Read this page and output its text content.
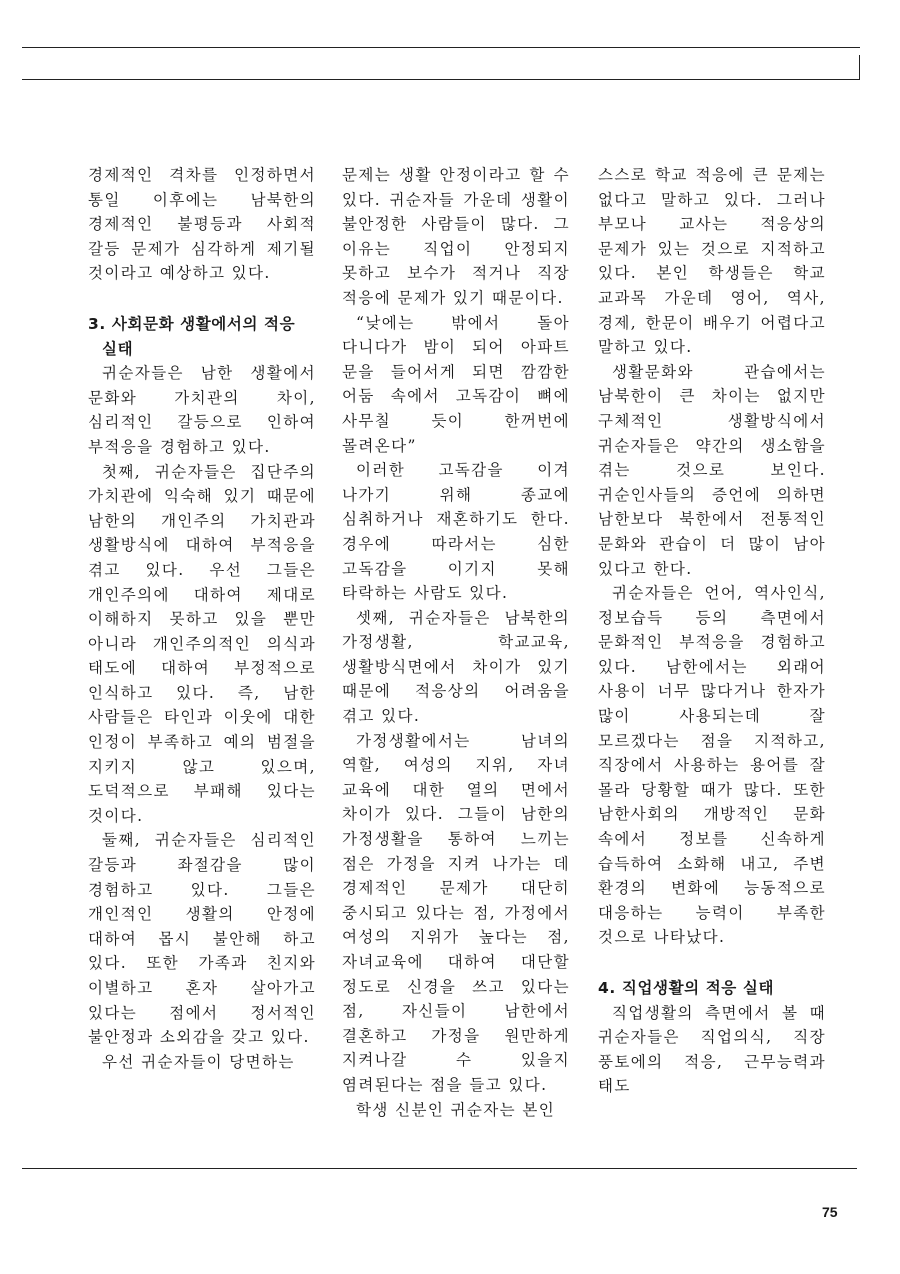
경제적인 격차를 인정하면서 통일 이후에는 남북한의 경제적인 불평등과 사회적 갈등 문제가 심각하게 제기될 것이라고 예상하고 있다.

3. 사회문화 생활에서의 적응
실태

귀순자들은 남한 생활에서 문화와 가치관의 차이, 심리적인 갈등으로 인하여 부적응을 경험하고 있다.

첫째, 귀순자들은 집단주의 가치관에 익숙해 있기 때문에 남한의 개인주의 가치관과 생활방식에 대하여 부적응을 겪고 있다. 우선 그들은 개인주의에 대하여 제대로 이해하지 못하고 있을 뿐만 아니라 개인주의적인 의식과 태도에 대하여 부정적으로 인식하고 있다. 즉, 남한 사람들은 타인과 이웃에 대한 인정이 부족하고 예의 범절을 지키지 않고 있으며, 도덕적으로 부패해 있다는 것이다.

둘째, 귀순자들은 심리적인 갈등과 좌절감을 많이 경험하고 있다. 그들은 개인적인 생활의 안정에 대하여 몹시 불안해 하고 있다. 또한 가족과 친지와 이별하고 혼자 살아가고 있다는 점에서 정서적인 불안정과 소외감을 갖고 있다.

우선 귀순자들이 당면하는

문제는 생활 안정이라고 할 수 있다. 귀순자들 가운데 생활이 불안정한 사람들이 많다. 그 이유는 직업이 안정되지 못하고 보수가 적거나 직장 적응에 문제가 있기 때문이다.

“낮에는 밖에서 돌아 다니다가 밤이 되어 아파트 문을 들어서게 되면 깜깜한 어둠 속에서 고독감이 뼈에 사무칠 듯이 한꺼번에 몰려온다”

이러한 고독감을 이겨 나가기 위해 종교에 심취하거나 재혼하기도 한다. 경우에 따라서는 심한 고독감을 이기지 못해 타락하는 사람도 있다.

셋째, 귀순자들은 남북한의 가정생활, 학교교육, 생활방식면에서 차이가 있기 때문에 적응상의 어려움을 겪고 있다.

가정생활에서는 남녀의 역할, 여성의 지위, 자녀 교육에 대한 열의 면에서 차이가 있다. 그들이 남한의 가정생활을 통하여 느끼는 점은 가정을 지켜 나가는 데 경제적인 문제가 대단히 중시되고 있다는 점, 가정에서 여성의 지위가 높다는 점, 자녀교육에 대하여 대단할 정도로 신경을 쓰고 있다는 점, 자신들이 남한에서 결혼하고 가정을 원만하게 지켜나갈 수 있을지 염려된다는 점을 들고 있다.

학생 신분인 귀순자는 본인

스스로 학교 적응에 큰 문제는 없다고 말하고 있다. 그러나 부모나 교사는 적응상의 문제가 있는 것으로 지적하고 있다. 본인 학생들은 학교 교과목 가운데 영어, 역사, 경제, 한문이 배우기 어렵다고 말하고 있다.

생활문화와 관습에서는 남북한이 큰 차이는 없지만 구체적인 생활방식에서 귀순자들은 약간의 생소함을 겪는 것으로 보인다. 귀순인사들의 증언에 의하면 남한보다 북한에서 전통적인 문화와 관습이 더 많이 남아 있다고 한다.

귀순자들은 언어, 역사인식, 정보습득 등의 측면에서 문화적인 부적응을 경험하고 있다. 남한에서는 외래어 사용이 너무 많다거나 한자가 많이 사용되는데 잘 모르겠다는 점을 지적하고, 직장에서 사용하는 용어를 잘 몰라 당황할 때가 많다. 또한 남한사회의 개방적인 문화 속에서 정보를 신속하게 습득하여 소화해 내고, 주변 환경의 변화에 능동적으로 대응하는 능력이 부족한 것으로 나타났다.

4. 직업생활의 적응 실태

직업생활의 측면에서 볼 때 귀순자들은 직업의식, 직장 풍토에의 적응, 근무능력과 태도

75
